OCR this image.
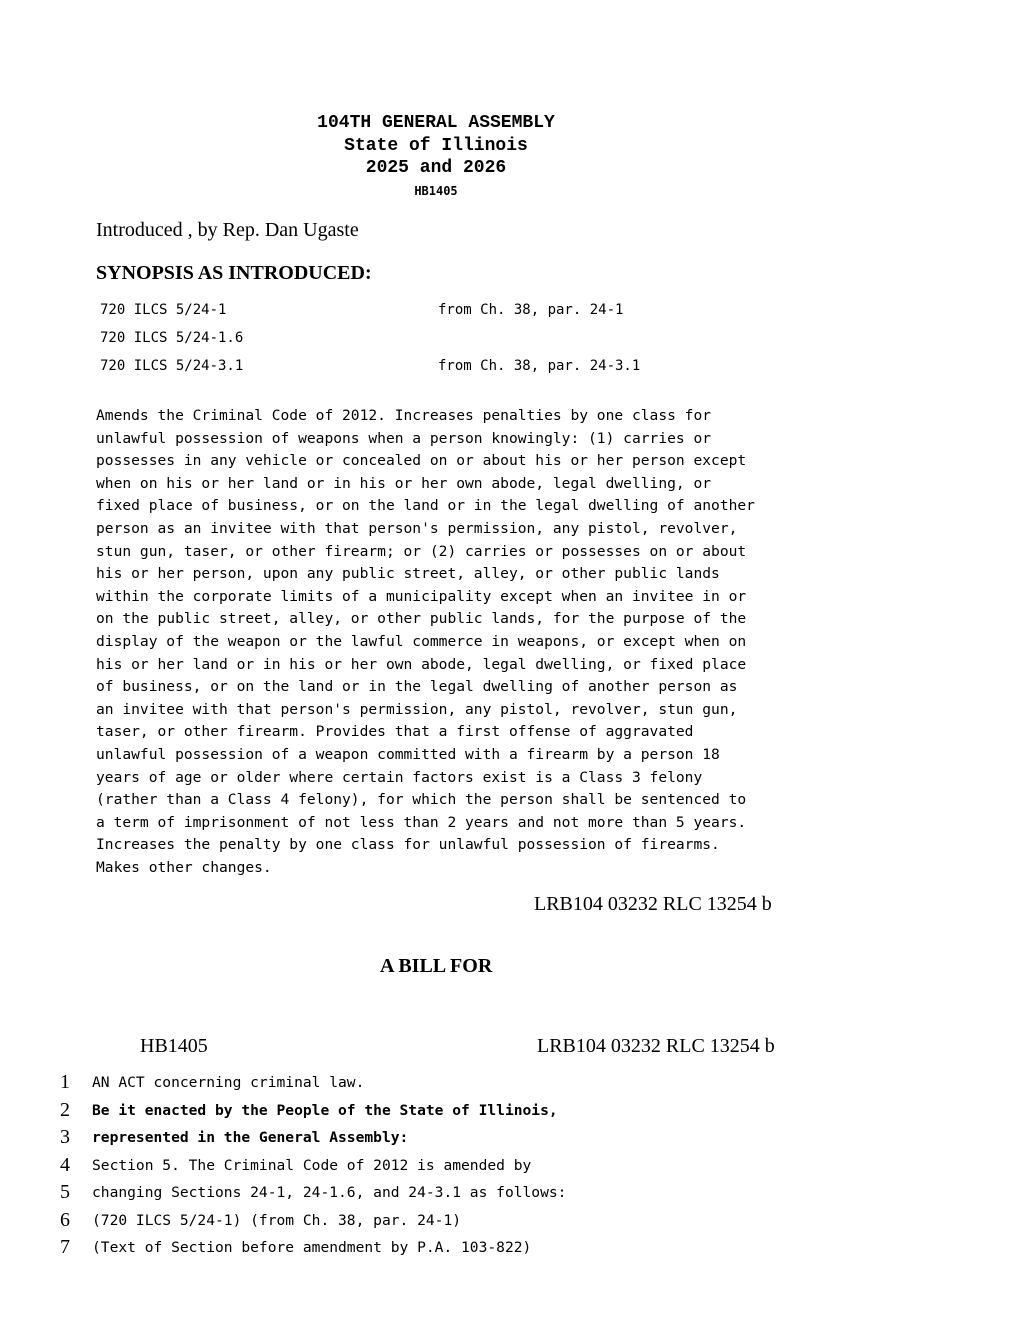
104TH GENERAL ASSEMBLY
State of Illinois
2025 and 2026
HB1405
Introduced , by Rep. Dan Ugaste
SYNOPSIS AS INTRODUCED:
720 ILCS 5/24-1	from Ch. 38, par. 24-1
720 ILCS 5/24-1.6
720 ILCS 5/24-3.1	from Ch. 38, par. 24-3.1
Amends the Criminal Code of 2012. Increases penalties by one class for
unlawful possession of weapons when a person knowingly: (1) carries or
possesses in any vehicle or concealed on or about his or her person except
when on his or her land or in his or her own abode, legal dwelling, or
fixed place of business, or on the land or in the legal dwelling of another
person as an invitee with that person's permission, any pistol, revolver,
stun gun, taser, or other firearm; or (2) carries or possesses on or about
his or her person, upon any public street, alley, or other public lands
within the corporate limits of a municipality except when an invitee in or
on the public street, alley, or other public lands, for the purpose of the
display of the weapon or the lawful commerce in weapons, or except when on
his or her land or in his or her own abode, legal dwelling, or fixed place
of business, or on the land or in the legal dwelling of another person as
an invitee with that person's permission, any pistol, revolver, stun gun,
taser, or other firearm. Provides that a first offense of aggravated
unlawful possession of a weapon committed with a firearm by a person 18
years of age or older where certain factors exist is a Class 3 felony
(rather than a Class 4 felony), for which the person shall be sentenced to
a term of imprisonment of not less than 2 years and not more than 5 years.
Increases the penalty by one class for unlawful possession of firearms.
Makes other changes.
LRB104 03232 RLC 13254 b
A BILL FOR
HB1405	LRB104 03232 RLC 13254 b
1	AN ACT concerning criminal law.
2	Be it enacted by the People of the State of Illinois,
3	represented in the General Assembly:
4	Section 5. The Criminal Code of 2012 is amended by
5	changing Sections 24-1, 24-1.6, and 24-3.1 as follows:
6	(720 ILCS 5/24-1) (from Ch. 38, par. 24-1)
7	(Text of Section before amendment by P.A. 103-822)
